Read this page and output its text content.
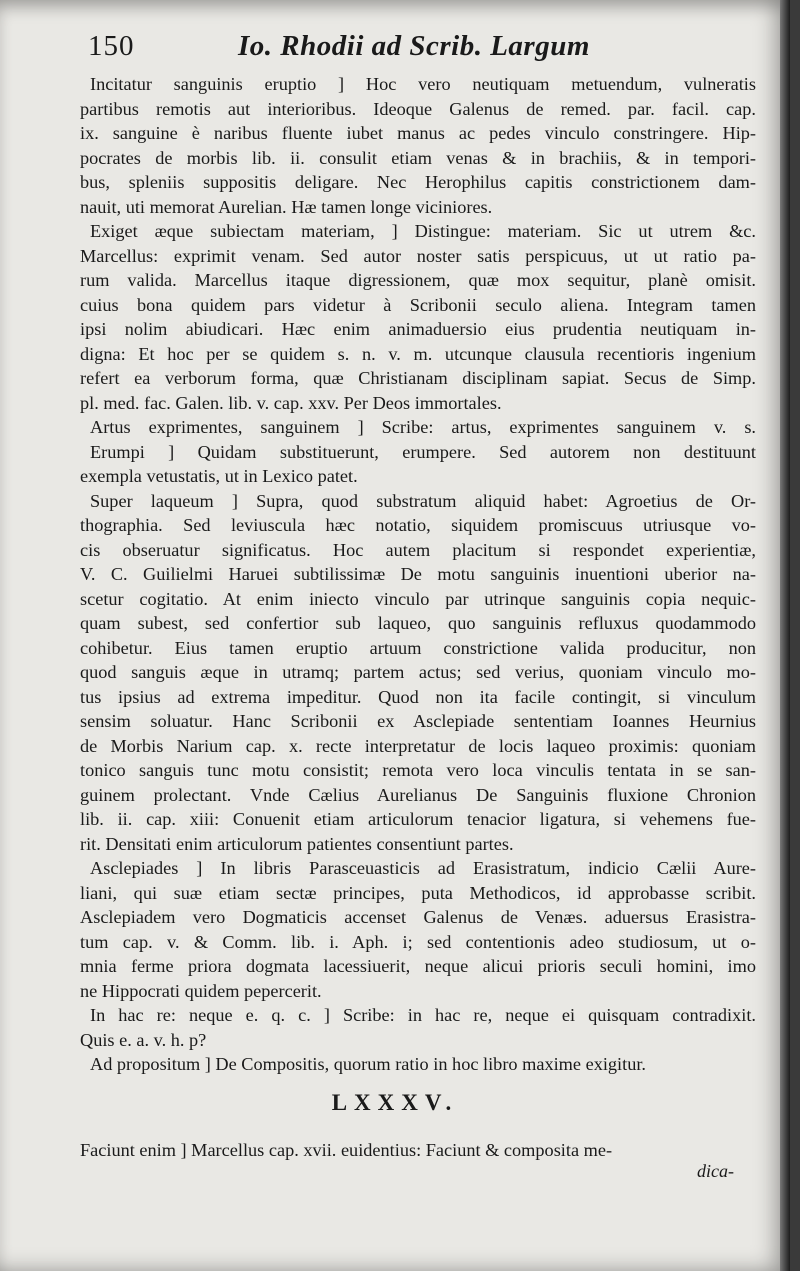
150	Io. Rhodii ad Scrib. Largum
Incitatur sanguinis eruptio ] Hoc vero neutiquam metuendum, vulneratis
partibus remotis aut interioribus. Ideoque Galenus de remed. par. facil. cap.
ix. sanguine è naribus fluente iubet manus ac pedes vinculo constringere. Hip-
pocrates de morbis lib. ii. consulit etiam venas & in brachiis, & in tempori-
bus, spleniis suppositis deligare. Nec Herophilus capitis constrictionem dam-
nauit, uti memorat Aurelian. Hæ tamen longe viciniores.
Exiget æque subiectam materiam, ] Distingue: materiam. Sic ut utrem &c.
Marcellus: exprimit venam. Sed autor noster satis perspicuus, ut ut ratio pa-
rum valida. Marcellus itaque digressionem, quæ mox sequitur, planè omisit.
cuius bona quidem pars videtur à Scribonii seculo aliena. Integram tamen
ipsi nolim abiudicari. Hæc enim animaduersio eius prudentia neutiquam in-
digna: Et hoc per se quidem s. n. v. m. utcunque clausula recentioris ingenium
refert ea verborum forma, quæ Christianam disciplinam sapiat. Secus de Simp.
pl. med. fac. Galen. lib. v. cap. xxv. Per Deos immortales.
Artus exprimentes, sanguinem ] Scribe: artus, exprimentes sanguinem v. s.
Erumpi ] Quidam substituerunt, erumpere. Sed autorem non destituunt
exempla vetustatis, ut in Lexico patet.
Super laqueum ] Supra, quod substratum aliquid habet: Agroetius de Or-
thographia. Sed leviuscula hæc notatio, siquidem promiscuus utriusque vo-
cis obseruatur significatus. Hoc autem placitum si respondet experientiæ,
V. C. Guilielmi Haruei subtilissimæ De motu sanguinis inuentioni uberior na-
scetur cogitatio. At enim iniecto vinculo par utrinque sanguinis copia nequic-
quam subest, sed confertior sub laqueo, quo sanguinis refluxus quodammodo
cohibetur. Eius tamen eruptio artuum constrictione valida producitur, non
quod sanguis æque in utramq; partem actus; sed verius, quoniam vinculo mo-
tus ipsius ad extrema impeditur. Quod non ita facile contingit, si vinculum
sensim soluatur. Hanc Scribonii ex Asclepiade sententiam Ioannes Heurnius
de Morbis Narium cap. x. recte interpretatur de locis laqueo proximis: quoniam
tonico sanguis tunc motu consistit; remota vero loca vinculis tentata in se san-
guinem prolectant. Vnde Cælius Aurelianus De Sanguinis fluxione Chronion
lib. ii. cap. xiii: Conuenit etiam articulorum tenacior ligatura, si vehemens fue-
rit. Densitati enim articulorum patientes consentiunt partes.
Asclepiades ] In libris Parasceuasticis ad Erasistratum, indicio Cælii Aure-
liani, qui suæ etiam sectæ principes, puta Methodicos, id approbasse scribit.
Asclepiadem vero Dogmaticis accenset Galenus de Venæs. aduersus Erasistra-
tum cap. v. & Comm. lib. i. Aph. i; sed contentionis adeo studiosum, ut o-
mnia ferme priora dogmata lacessiuerit, neque alicui prioris seculi homini, imo
ne Hippocrati quidem pepercerit.
In hac re: neque e. q. c. ] Scribe: in hac re, neque ei quisquam contradixit.
Quis e. a. v. h. p?
Ad propositum ] De Compositis, quorum ratio in hoc libro maxime exigitur.
LXXXV.
Faciunt enim ] Marcellus cap. xvii. euidentius: Faciunt & composita me-
dica-
